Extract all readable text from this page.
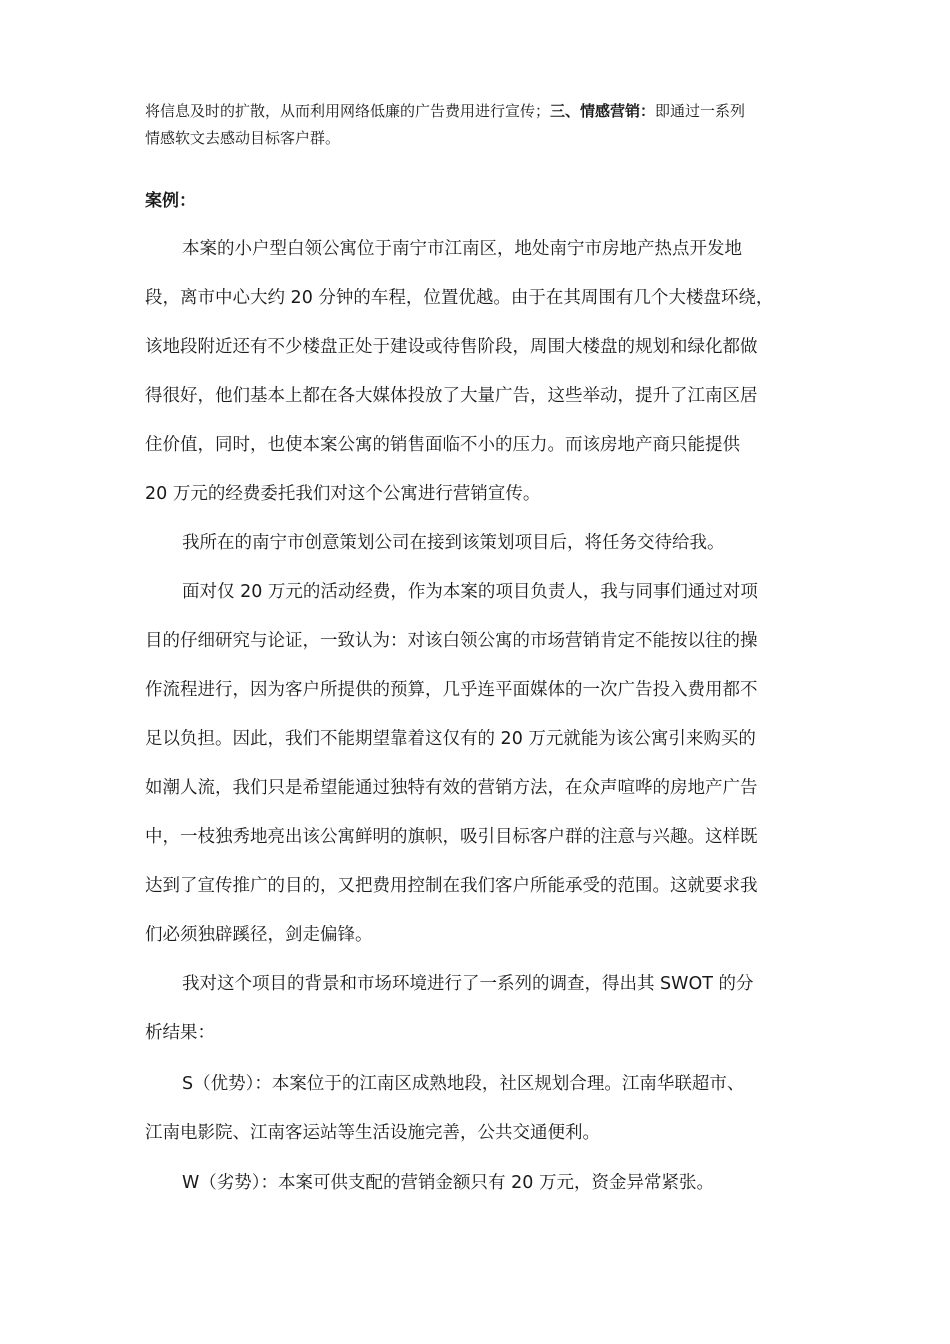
将信息及时的扩散，从而利用网络低廉的广告费用进行宣传；三、情感营销：即通过一系列
情感软文去感动目标客户群。
案例：

本案的小户型白领公寓位于南宁市江南区，地处南宁市房地产热点开发地

段，离市中心大约 20 分钟的车程，位置优越。由于在其周围有几个大楼盘环绕，

该地段附近还有不少楼盘正处于建设或待售阶段，周围大楼盘的规划和绿化都做

得很好，他们基本上都在各大媒体投放了大量广告，这些举动，提升了江南区居

住价值，同时，也使本案公寓的销售面临不小的压力。而该房地产商只能提供

20 万元的经费委托我们对这个公寓进行营销宣传。

我所在的南宁市创意策划公司在接到该策划项目后，将任务交待给我。

面对仅 20 万元的活动经费，作为本案的项目负责人，我与同事们通过对项

目的仔细研究与论证，一致认为：对该白领公寓的市场营销肯定不能按以往的操

作流程进行，因为客户所提供的预算，几乎连平面媒体的一次广告投入费用都不

足以负担。因此，我们不能期望靠着这仅有的 20 万元就能为该公寓引来购买的

如潮人流，我们只是希望能通过独特有效的营销方法，在众声喧哗的房地产广告

中，一枝独秀地亮出该公寓鲜明的旗帜，吸引目标客户群的注意与兴趣。这样既

达到了宣传推广的目的，又把费用控制在我们客户所能承受的范围。这就要求我

们必须独辟蹊径，剑走偏锋。

我对这个项目的背景和市场环境进行了一系列的调查，得出其 SWOT 的分

析结果：

S（优势）：本案位于的江南区成熟地段，社区规划合理。江南华联超市、

江南电影院、江南客运站等生活设施完善，公共交通便利。

W（劣势）：本案可供支配的营销金额只有 20 万元，资金异常紧张。
